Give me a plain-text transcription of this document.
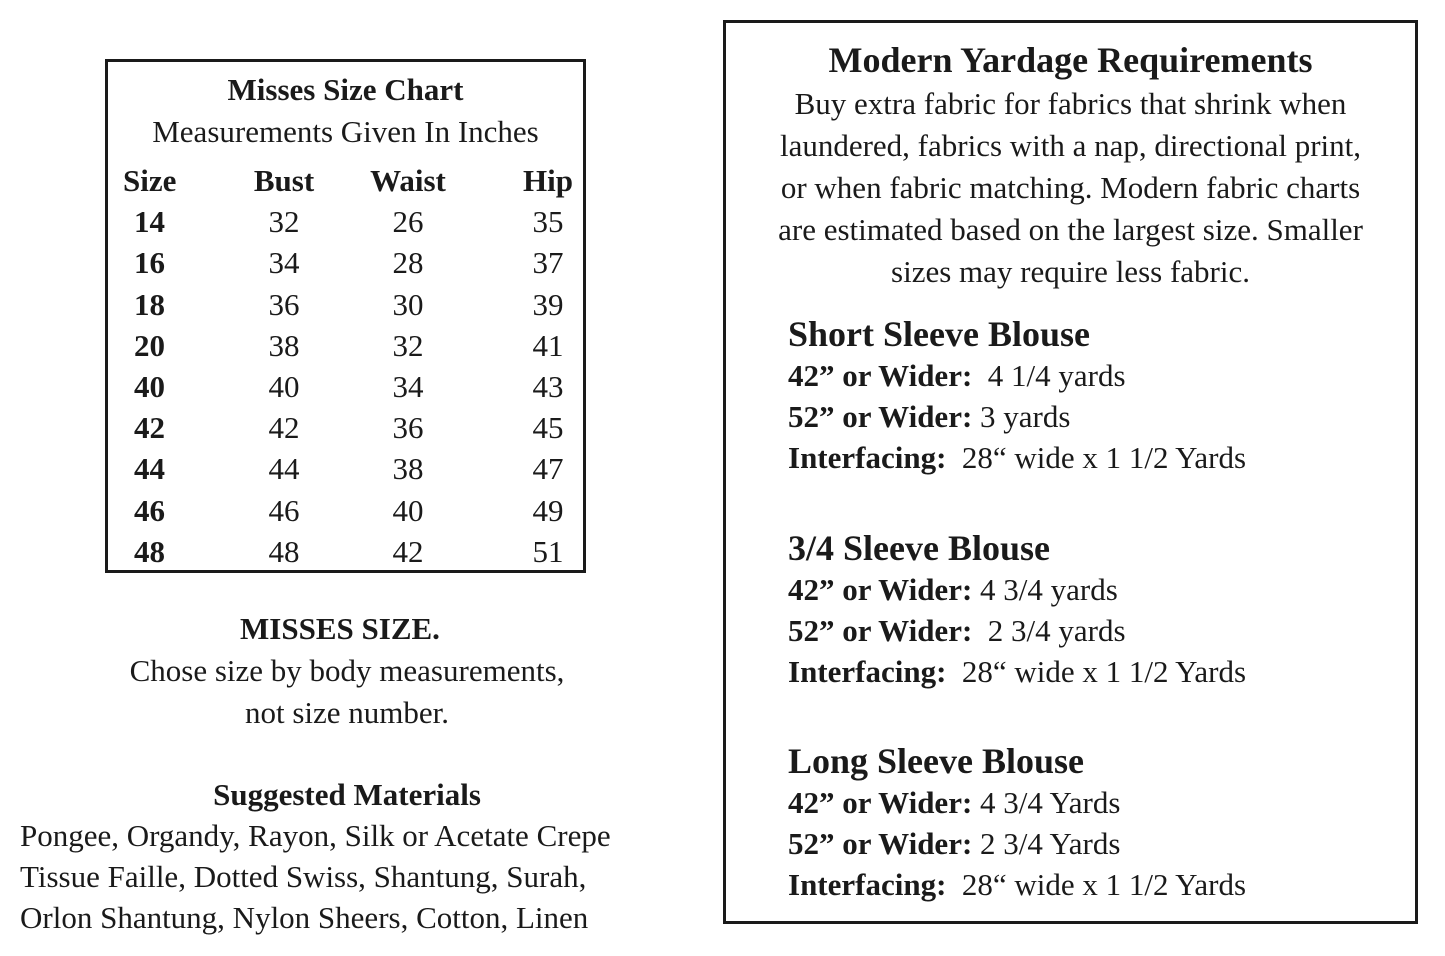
Misses Size Chart
Measurements Given In Inches
Size	Bust	Waist	Hip
14	32	26	35
16	34	28	37
18	36	30	39
20	38	32	41
40	40	34	43
42	42	36	45
44	44	38	47
46	46	40	49
48	48	42	51
MISSES SIZE.
Chose size by body measurements,
not size number.
Suggested Materials
Pongee, Organdy, Rayon, Silk or Acetate Crepe
Tissue Faille, Dotted Swiss, Shantung, Surah,
Orlon Shantung, Nylon Sheers, Cotton, Linen
Modern Yardage Requirements
Buy extra fabric for fabrics that shrink when
laundered, fabrics with a nap, directional print,
or when fabric matching. Modern fabric charts
are estimated based on the largest size. Smaller
sizes may require less fabric.
Short Sleeve Blouse
42” or Wider:  4 1/4 yards
52” or Wider: 3 yards
Interfacing:  28“ wide x 1 1/2 Yards
3/4 Sleeve Blouse
42” or Wider: 4 3/4 yards
52” or Wider:  2 3/4 yards
Interfacing:  28“ wide x 1 1/2 Yards
Long Sleeve Blouse
42” or Wider: 4 3/4 Yards
52” or Wider: 2 3/4 Yards
Interfacing:  28“ wide x 1 1/2 Yards
